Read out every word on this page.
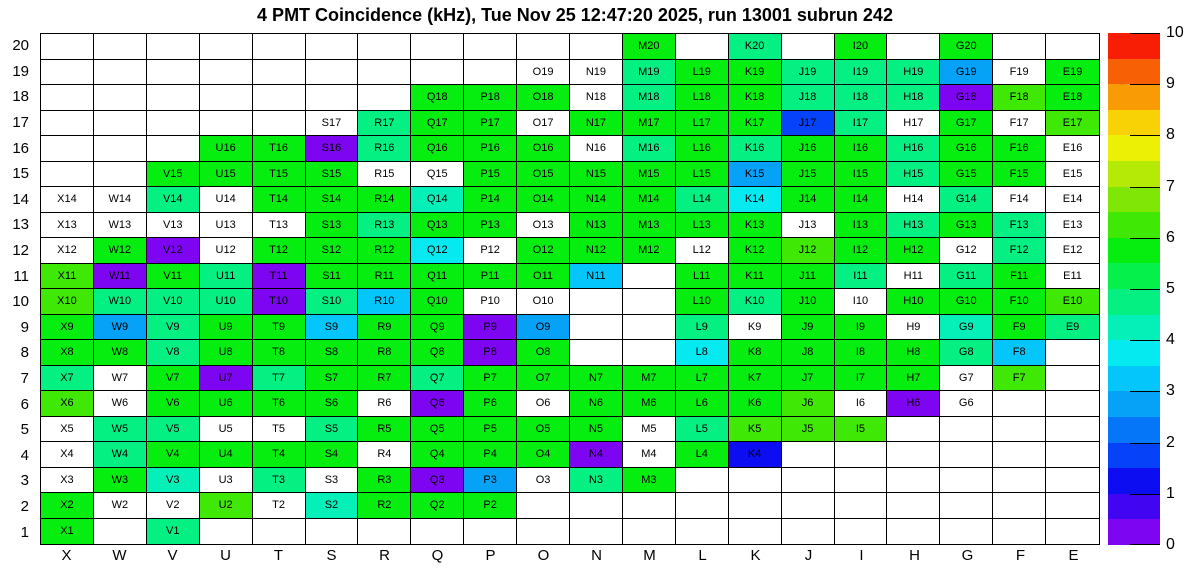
4 PMT Coincidence (kHz), Tue Nov 25 12:47:20 2025, run 13001 subrun 242
20
19
18
17
16
15
14
13
12
11
10
9
8
7
6
5
4
3
2
1
M20	K20	I20	G20
O19	N19	M19	L19	K19	J19	I19	H19	G19	F19	E19
Q18	P18	O18	N18	M18	L18	K18	J18	I18	H18	G18	F18	E18
S17	R17	Q17	P17	O17	N17	M17	L17	K17	J17	I17	H17	G17	F17	E17
U16	T16	S16	R16	Q16	P16	O16	N16	M16	L16	K16	J16	I16	H16	G16	F16	E16
V15	U15	T15	S15	R15	Q15	P15	O15	N15	M15	L15	K15	J15	I15	H15	G15	F15	E15
X14	W14	V14	U14	T14	S14	R14	Q14	P14	O14	N14	M14	L14	K14	J14	I14	H14	G14	F14	E14
X13	W13	V13	U13	T13	S13	R13	Q13	P13	O13	N13	M13	L13	K13	J13	I13	H13	G13	F13	E13
X12	W12	V12	U12	T12	S12	R12	Q12	P12	O12	N12	M12	L12	K12	J12	I12	H12	G12	F12	E12
X11	W11	V11	U11	T11	S11	R11	Q11	P11	O11	N11	L11	K11	J11	I11	H11	G11	F11	E11
X10	W10	V10	U10	T10	S10	R10	Q10	P10	O10	L10	K10	J10	I10	H10	G10	F10	E10
X9	W9	V9	U9	T9	S9	R9	Q9	P9	O9	L9	K9	J9	I9	H9	G9	F9	E9
X8	W8	V8	U8	T8	S8	R8	Q8	P8	O8	L8	K8	J8	I8	H8	G8	F8
X7	W7	V7	U7	T7	S7	R7	Q7	P7	O7	N7	M7	L7	K7	J7	I7	H7	G7	F7
X6	W6	V6	U6	T6	S6	R6	Q6	P6	O6	N6	M6	L6	K6	J6	I6	H6	G6
X5	W5	V5	U5	T5	S5	R5	Q5	P5	O5	N5	M5	L5	K5	J5	I5
X4	W4	V4	U4	T4	S4	R4	Q4	P4	O4	N4	M4	L4	K4
X3	W3	V3	U3	T3	S3	R3	Q3	P3	O3	N3	M3
X2	W2	V2	U2	T2	S2	R2	Q2	P2
X1	V1
X	W	V	U	T	S	R	Q	P	O	N	M	L	K	J	I	H	G	F	E
0
1
2
3
4
5
6
7
8
9
10
